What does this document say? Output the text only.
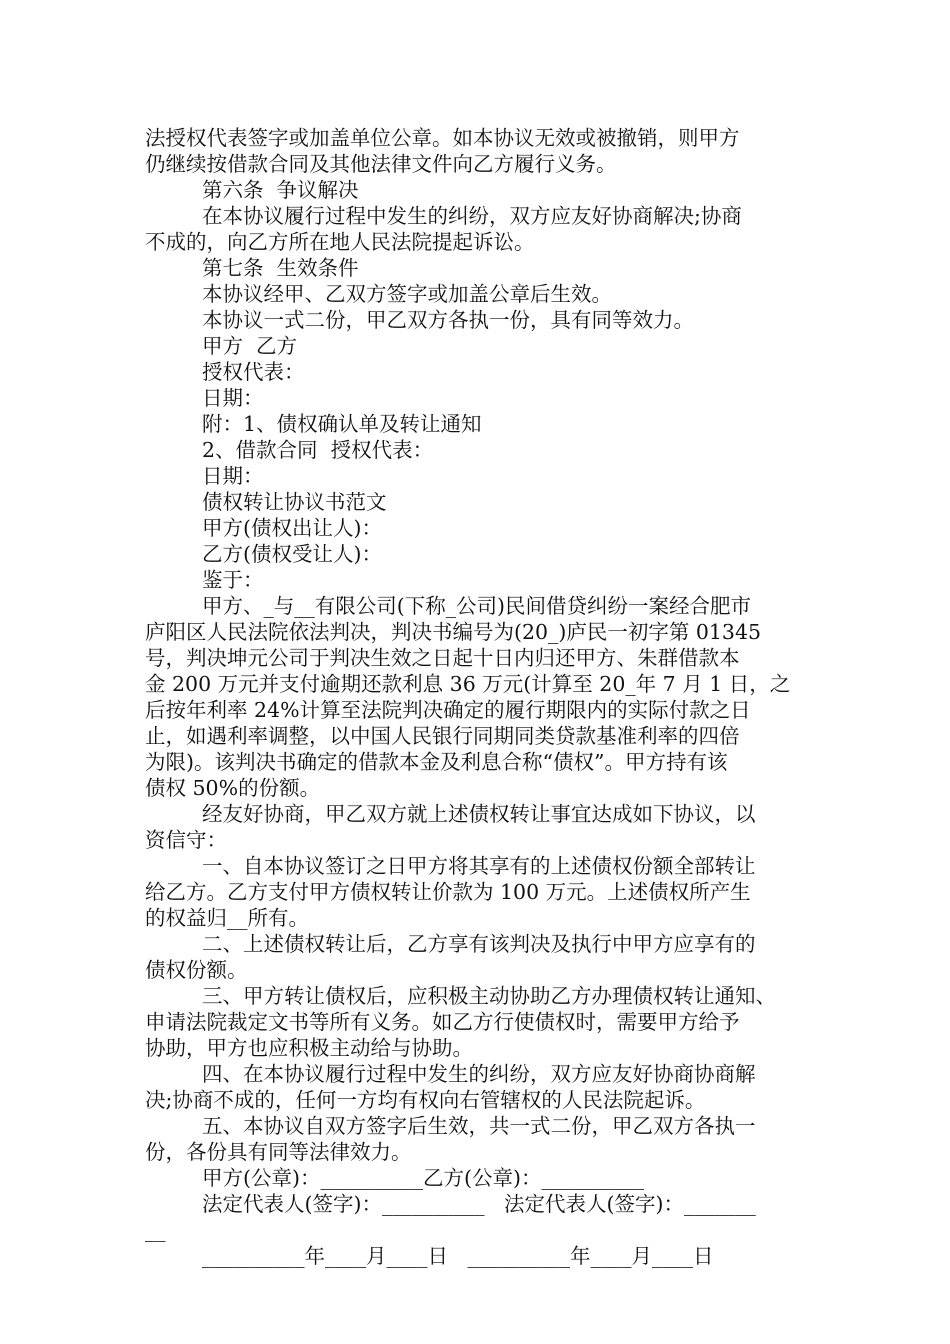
法授权代表签字或加盖单位公章。如本协议无效或被撤销，则甲方
仍继续按借款合同及其他法律文件向乙方履行义务。
第六条  争议解决
在本协议履行过程中发生的纠纷，双方应友好协商解决;协商
不成的，向乙方所在地人民法院提起诉讼。
第七条  生效条件
本协议经甲、乙双方签字或加盖公章后生效。
本协议一式二份，甲乙双方各执一份，具有同等效力。
甲方  乙方
授权代表：
日期：
附：1、债权确认单及转让通知
2、借款合同  授权代表：
日期：
债权转让协议书范文
甲方(债权出让人)：
乙方(债权受让人)：
鉴于：
甲方、_与__有限公司(下称_公司)民间借贷纠纷一案经合肥市
庐阳区人民法院依法判决，判决书编号为(20_)庐民一初字第 01345
号，判决坤元公司于判决生效之日起十日内归还甲方、朱群借款本
金 200 万元并支付逾期还款利息 36 万元(计算至 20_年 7 月 1 日，之
后按年利率 24%计算至法院判决确定的履行期限内的实际付款之日
止，如遇利率调整，以中国人民银行同期同类贷款基准利率的四倍
为限)。该判决书确定的借款本金及利息合称“债权”。甲方持有该
债权 50%的份额。
经友好协商，甲乙双方就上述债权转让事宜达成如下协议，以
资信守：
一、自本协议签订之日甲方将其享有的上述债权份额全部转让
给乙方。乙方支付甲方债权转让价款为 100 万元。上述债权所产生
的权益归__所有。
二、上述债权转让后，乙方享有该判决及执行中甲方应享有的
债权份额。
三、甲方转让债权后，应积极主动协助乙方办理债权转让通知、
申请法院裁定文书等所有义务。如乙方行使债权时，需要甲方给予
协助，甲方也应积极主动给与协助。
四、在本协议履行过程中发生的纠纷，双方应友好协商协商解
决;协商不成的，任何一方均有权向右管辖权的人民法院起诉。
五、本协议自双方签字后生效，共一式二份，甲乙双方各执一
份，各份具有同等法律效力。
甲方(公章)：__________乙方(公章)：__________
法定代表人(签字)：__________   法定代表人(签字)：_______
__
__________年____月____日   __________年____月____日
